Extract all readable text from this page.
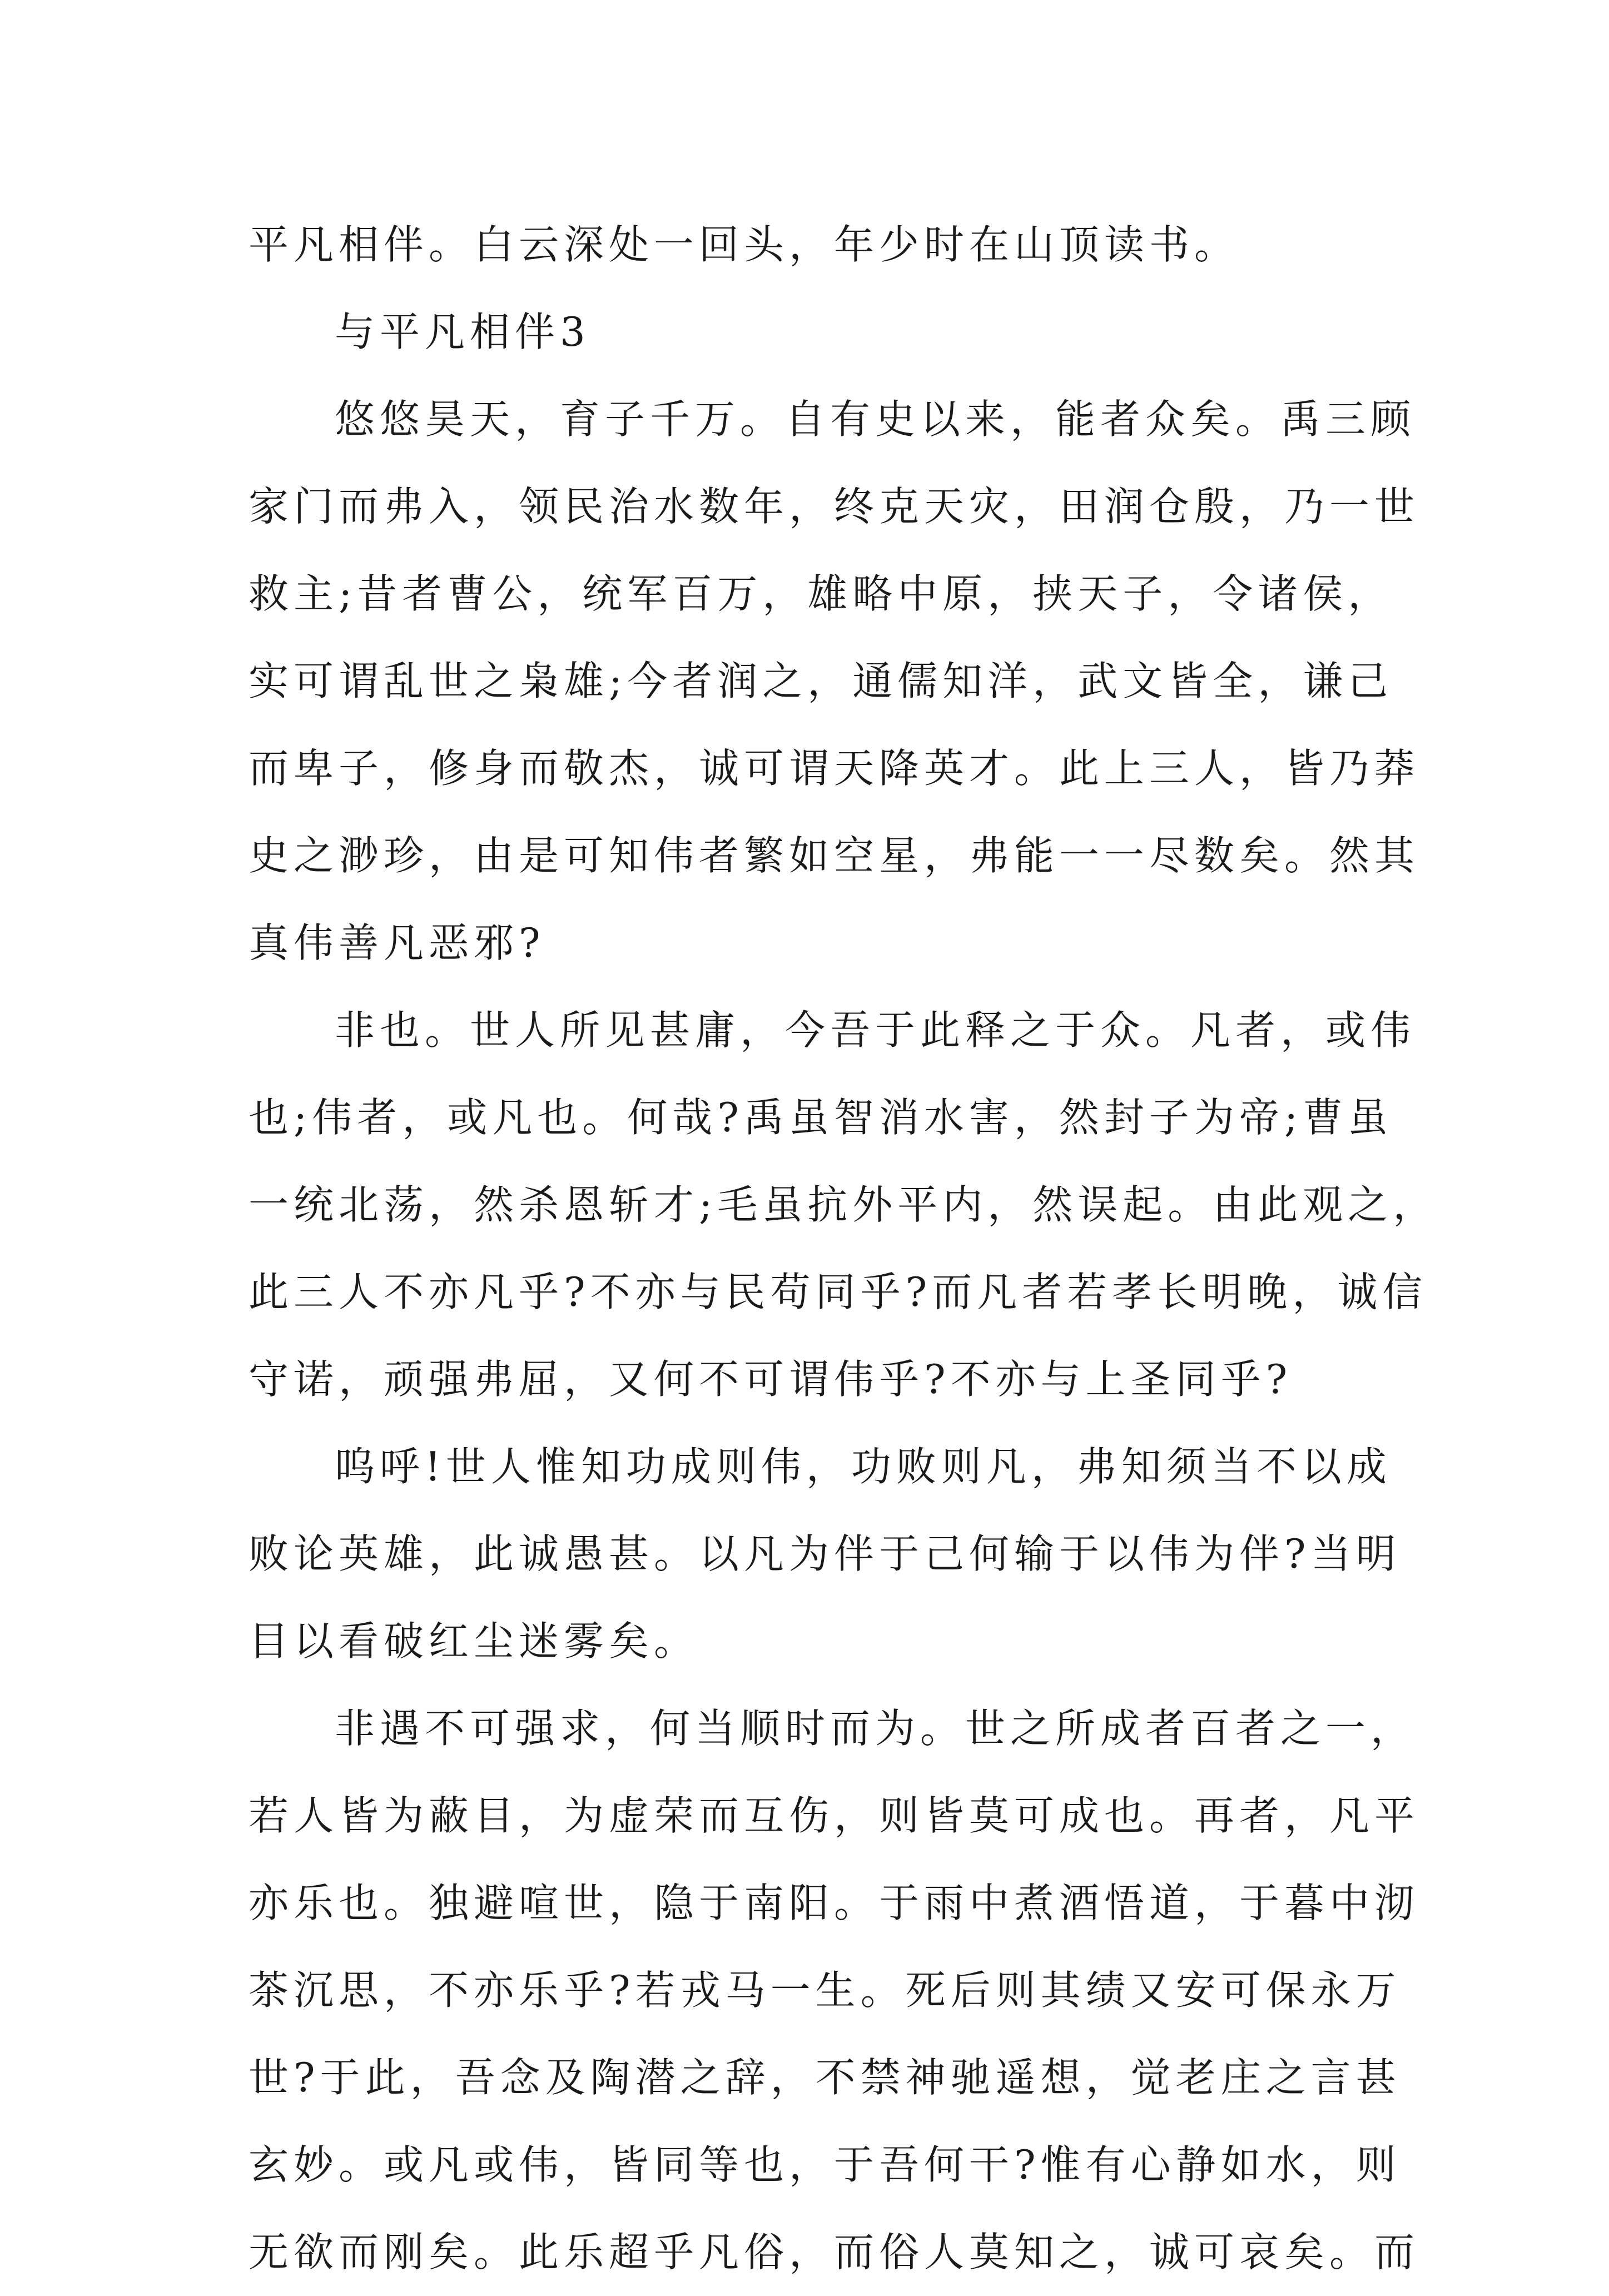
平凡相伴。白云深处一回头，年少时在山顶读书。
与平凡相伴3
悠悠昊天，育子千万。自有史以来，能者众矣。禹三顾
家门而弗入，领民治水数年，终克天灾，田润仓殷，乃一世
救主;昔者曹公，统军百万，雄略中原，挟天子，令诸侯，
实可谓乱世之枭雄;今者润之，通儒知洋，武文皆全，谦己
而卑子，修身而敬杰，诚可谓天降英才。此上三人，皆乃莽
史之渺珍，由是可知伟者繁如空星，弗能一一尽数矣。然其
真伟善凡恶邪?
非也。世人所见甚庸，今吾于此释之于众。凡者，或伟
也;伟者，或凡也。何哉?禹虽智消水害，然封子为帝;曹虽
一统北荡，然杀恩斩才;毛虽抗外平内，然误起。由此观之，
此三人不亦凡乎?不亦与民苟同乎?而凡者若孝长明晚，诚信
守诺，顽强弗屈，又何不可谓伟乎?不亦与上圣同乎?
呜呼!世人惟知功成则伟，功败则凡，弗知须当不以成
败论英雄，此诚愚甚。以凡为伴于己何输于以伟为伴?当明
目以看破红尘迷雾矣。
非遇不可强求，何当顺时而为。世之所成者百者之一，
若人皆为蔽目，为虚荣而互伤，则皆莫可成也。再者，凡平
亦乐也。独避喧世，隐于南阳。于雨中煮酒悟道，于暮中沏
茶沉思，不亦乐乎?若戎马一生。死后则其绩又安可保永万
世?于此，吾念及陶潜之辞，不禁神驰遥想，觉老庄之言甚
玄妙。或凡或伟，皆同等也，于吾何干?惟有心静如水，则
无欲而刚矣。此乐超乎凡俗，而俗人莫知之，诚可哀矣。而
